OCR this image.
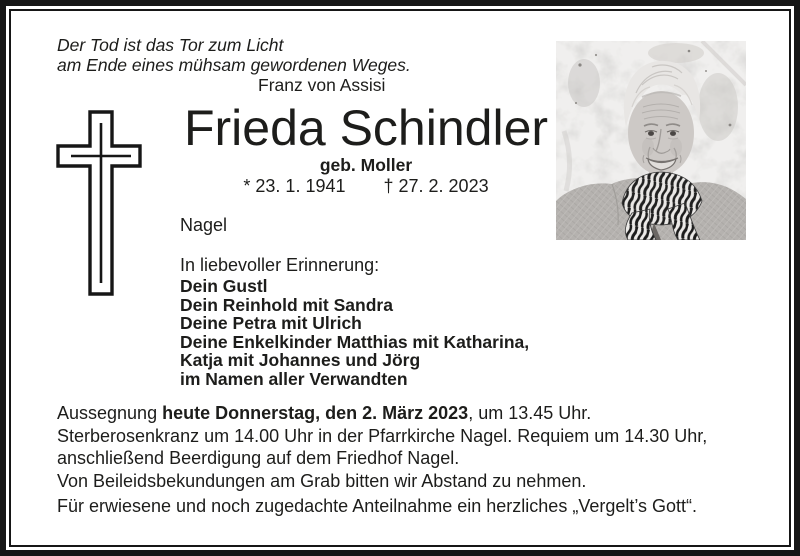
Der Tod ist das Tor zum Licht
am Ende eines mühsam gewordenen Weges.
Franz von Assisi
Frieda Schindler
geb. Moller
* 23. 1. 1941 † 27. 2. 2023
Nagel
In liebevoller Erinnerung:
Dein Gustl
Dein Reinhold mit Sandra
Deine Petra mit Ulrich
Deine Enkelkinder Matthias mit Katharina,
Katja mit Johannes und Jörg
im Namen aller Verwandten
Aussegnung heute Donnerstag, den 2. März 2023, um 13.45 Uhr.
Sterberosenkranz um 14.00 Uhr in der Pfarrkirche Nagel. Requiem um 14.30 Uhr,
anschließend Beerdigung auf dem Friedhof Nagel.
Von Beileidsbekundungen am Grab bitten wir Abstand zu nehmen.
Für erwiesene und noch zugedachte Anteilnahme ein herzliches „Vergelt’s Gott“.
